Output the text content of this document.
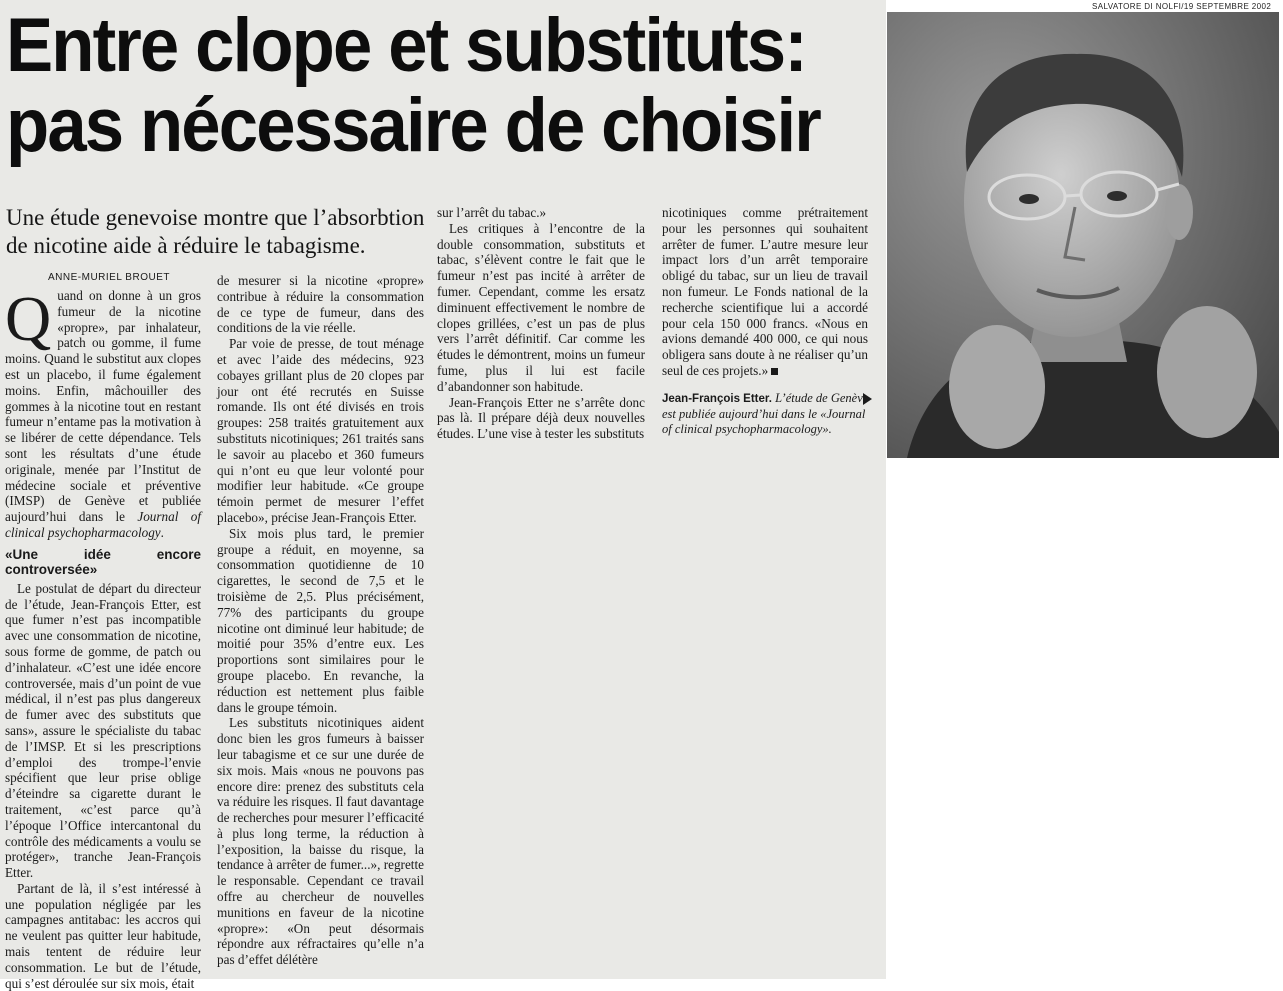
Entre clope et substituts:
pas nécessaire de choisir
Une étude genevoise montre que l’absorbtion de nicotine aide à réduire le tabagisme.
ANNE-MURIEL BROUET

Quand on donne à un gros fumeur de la nicotine «propre», par inhalateur, patch ou gomme, il fume moins. Quand le substitut aux clopes est un placebo, il fume également moins. Enfin, mâchouiller des gommes à la nicotine tout en restant fumeur n’entame pas la motivation à se libérer de cette dépendance. Tels sont les résultats d’une étude originale, menée par l’Institut de médecine sociale et préventive (IMSP) de Genève et publiée aujourd’hui dans le Journal of clinical psychopharmacology.

«Une idée encore controversée»

Le postulat de départ du directeur de l’étude, Jean-François Etter, est que fumer n’est pas incompatible avec une consommation de nicotine, sous forme de gomme, de patch ou d’inhalateur. «C’est une idée encore controversée, mais d’un point de vue médical, il n’est pas plus dangereux de fumer avec des substituts que sans», assure le spécialiste du tabac de l’IMSP. Et si les prescriptions d’emploi des trompe-l’envie spécifient que leur prise oblige d’éteindre sa cigarette durant le traitement, «c’est parce qu’à l’époque l’Office intercantonal du contrôle des médicaments a voulu se protéger», tranche Jean-François Etter.

Partant de là, il s’est intéressé à une population négligée par les campagnes antitabac: les accros qui ne veulent pas quitter leur habitude, mais tentent de réduire leur consommation. Le but de l’étude, qui s’est déroulée sur six mois, était

de mesurer si la nicotine «propre» contribue à réduire la consommation de ce type de fumeur, dans des conditions de la vie réelle.

Par voie de presse, de tout ménage et avec l’aide des médecins, 923 cobayes grillant plus de 20 clopes par jour ont été recrutés en Suisse romande. Ils ont été divisés en trois groupes: 258 traités gratuitement aux substituts nicotiniques; 261 traités sans le savoir au placebo et 360 fumeurs qui n’ont eu que leur volonté pour modifier leur habitude. «Ce groupe témoin permet de mesurer l’effet placebo», précise Jean-François Etter.

Six mois plus tard, le premier groupe a réduit, en moyenne, sa consommation quotidienne de 10 cigarettes, le second de 7,5 et le troisième de 2,5. Plus précisément, 77% des participants du groupe nicotine ont diminué leur habitude; de moitié pour 35% d’entre eux. Les proportions sont similaires pour le groupe placebo. En revanche, la réduction est nettement plus faible dans le groupe témoin.

Les substituts nicotiniques aident donc bien les gros fumeurs à baisser leur tabagisme et ce sur une durée de six mois. Mais «nous ne pouvons pas encore dire: prenez des substituts cela va réduire les risques. Il faut davantage de recherches pour mesurer l’efficacité à plus long terme, la réduction à l’exposition, la baisse du risque, la tendance à arrêter de fumer...», regrette le responsable. Cependant ce travail offre au chercheur de nouvelles munitions en faveur de la nicotine «propre»: «On peut désormais répondre aux réfractaires qu’elle n’a pas d’effet délétère

sur l’arrêt du tabac.»

Les critiques à l’encontre de la double consommation, substituts et tabac, s’élèvent contre le fait que le fumeur n’est pas incité à arrêter de fumer. Cependant, comme les ersatz diminuent effectivement le nombre de clopes grillées, c’est un pas de plus vers l’arrêt définitif. Car comme les études le démontrent, moins un fumeur fume, plus il lui est facile d’abandonner son habitude.

Jean-François Etter ne s’arrête donc pas là. Il prépare déjà deux nouvelles études. L’une vise à tester les substituts

nicotiniques comme prétraitement pour les personnes qui souhaitent arrêter de fumer. L’autre mesure leur impact lors d’un arrêt temporaire obligé du tabac, sur un lieu de travail non fumeur. Le Fonds national de la recherche scientifique lui a accordé pour cela 150 000 francs. «Nous en avions demandé 400 000, ce qui nous obligera sans doute à ne réaliser qu’un seul de ces projets.»

Jean-François Etter. L’étude de Genève est publiée aujourd’hui dans le «Journal of clinical psychopharmacology».
SALVATORE DI NOLFI/19 SEPTEMBRE 2002
